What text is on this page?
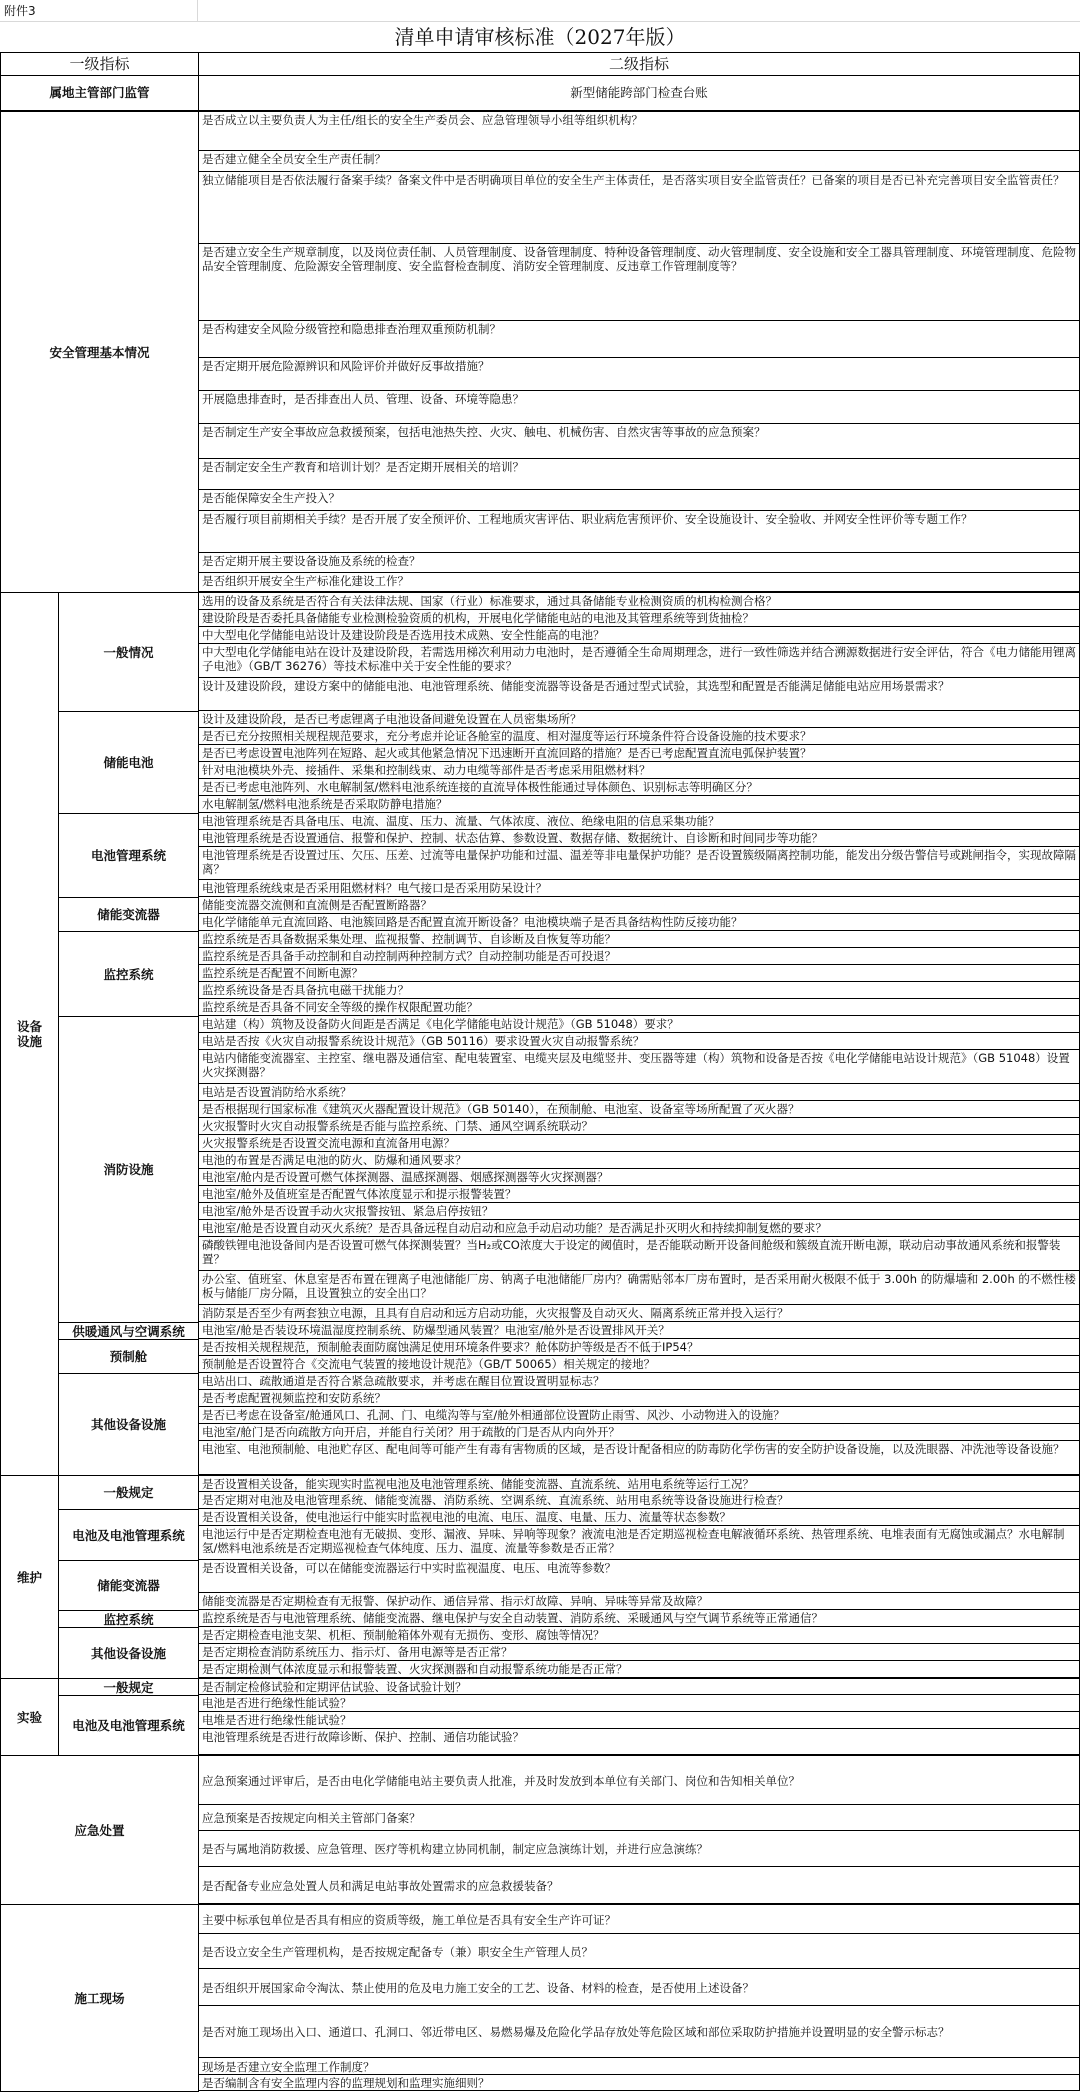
附件3
清单申请审核标准（2027年版）
一级指标	二级指标
属地主管部门监管	新型储能跨部门检查台账
是否成立以主要负责人为主任/组长的安全生产委员会、应急管理领导小组等组织机构？
是否建立健全全员安全生产责任制？
独立储能项目是否依法履行备案手续？备案文件中是否明确项目单位的安全生产主体责任，是否落实项目安全监管责任？已备案的项目是否已补充完善项目安全监管责任？
是否建立安全生产规章制度，以及岗位责任制、人员管理制度、设备管理制度、特种设备管理制度、动火管理制度、安全设施和安全工器具管理制度、环境管理制度、危险物品安全管理制度、危险源安全管理制度、安全监督检查制度、消防安全管理制度、反违章工作管理制度等？
是否构建安全风险分级管控和隐患排查治理双重预防机制？
是否定期开展危险源辨识和风险评价并做好反事故措施？
开展隐患排查时，是否排查出人员、管理、设备、环境等隐患？
是否制定生产安全事故应急救援预案，包括电池热失控、火灾、触电、机械伤害、自然灾害等事故的应急预案？
是否制定安全生产教育和培训计划？是否定期开展相关的培训？
是否能保障安全生产投入？
是否履行项目前期相关手续？是否开展了安全预评价、工程地质灾害评估、职业病危害预评价、安全设施设计、安全验收、并网安全性评价等专题工作？
是否定期开展主要设备设施及系统的检查？
是否组织开展安全生产标准化建设工作？
安全管理基本情况
选用的设备及系统是否符合有关法律法规、国家（行业）标准要求，通过具备储能专业检测资质的机构检测合格？
建设阶段是否委托具备储能专业检测检验资质的机构，开展电化学储能电站的电池及其管理系统等到货抽检？
中大型电化学储能电站设计及建设阶段是否选用技术成熟、安全性能高的电池？
中大型电化学储能电站在设计及建设阶段，若需选用梯次利用动力电池时，是否遵循全生命周期理念，进行一致性筛选并结合溯源数据进行安全评估，符合《电力储能用锂离子电池》（GB/T 36276）等技术标准中关于安全性能的要求？
设计及建设阶段，建设方案中的储能电池、电池管理系统、储能变流器等设备是否通过型式试验，其选型和配置是否能满足储能电站应用场景需求？
一般情况
设计及建设阶段，是否已考虑锂离子电池设备间避免设置在人员密集场所？
是否已充分按照相关规程规范要求，充分考虑并论证各舱室的温度、相对湿度等运行环境条件符合设备设施的技术要求？
是否已考虑设置电池阵列在短路、起火或其他紧急情况下迅速断开直流回路的措施？是否已考虑配置直流电弧保护装置？
针对电池模块外壳、接插件、采集和控制线束、动力电缆等部件是否考虑采用阻燃材料？
是否已考虑电池阵列、水电解制氢/燃料电池系统连接的直流导体极性能通过导体颜色、识别标志等明确区分？
水电解制氢/燃料电池系统是否采取防静电措施？
储能电池
电池管理系统是否具备电压、电流、温度、压力、流量、气体浓度、液位、绝缘电阻的信息采集功能？
电池管理系统是否设置通信、报警和保护、控制、状态估算、参数设置、数据存储、数据统计、自诊断和时间同步等功能？
电池管理系统是否设置过压、欠压、压差、过流等电量保护功能和过温、温差等非电量保护功能？是否设置簇级隔离控制功能，能发出分级告警信号或跳闸指令，实现故障隔离？
电池管理系统线束是否采用阻燃材料？电气接口是否采用防呆设计？
电池管理系统
储能变流器交流侧和直流侧是否配置断路器？
电化学储能单元直流回路、电池簇回路是否配置直流开断设备？电池模块端子是否具备结构性防反接功能？
储能变流器
监控系统是否具备数据采集处理、监视报警、控制调节、自诊断及自恢复等功能？
监控系统是否具备手动控制和自动控制两种控制方式？自动控制功能是否可投退？
监控系统是否配置不间断电源？
监控系统设备是否具备抗电磁干扰能力？
监控系统是否具备不同安全等级的操作权限配置功能？
监控系统
电站建（构）筑物及设备防火间距是否满足《电化学储能电站设计规范》（GB 51048）要求？
电站是否按《火灾自动报警系统设计规范》（GB 50116）要求设置火灾自动报警系统？
电站内储能变流器室、主控室、继电器及通信室、配电装置室、电缆夹层及电缆竖井、变压器等建（构）筑物和设备是否按《电化学储能电站设计规范》（GB 51048）设置火灾探测器？
电站是否设置消防给水系统？
是否根据现行国家标准《建筑灭火器配置设计规范》（GB 50140），在预制舱、电池室、设备室等场所配置了灭火器？
火灾报警时火灾自动报警系统是否能与监控系统、门禁、通风空调系统联动？
火灾报警系统是否设置交流电源和直流备用电源？
电池的布置是否满足电池的防火、防爆和通风要求？
电池室/舱内是否设置可燃气体探测器、温感探测器、烟感探测器等火灾探测器？
电池室/舱外及值班室是否配置气体浓度显示和提示报警装置？
电池室/舱外是否设置手动火灾报警按钮、紧急启停按钮？
电池室/舱是否设置自动灭火系统？是否具备远程自动启动和应急手动启动功能？是否满足扑灭明火和持续抑制复燃的要求？
磷酸铁锂电池设备间内是否设置可燃气体探测装置？当H₂或CO浓度大于设定的阈值时，是否能联动断开设备间舱级和簇级直流开断电源，联动启动事故通风系统和报警装置？
办公室、值班室、休息室是否布置在锂离子电池储能厂房、钠离子电池储能厂房内？确需贴邻本厂房布置时，是否采用耐火极限不低于 3.00h 的防爆墙和 2.00h 的不燃性楼板与储能厂房分隔，且设置独立的安全出口？
消防泵是否至少有两套独立电源，且具有自启动和远方启动功能，火灾报警及自动灭火、隔离系统正常并投入运行？
消防设施
电池室/舱是否装设环境温湿度控制系统、防爆型通风装置？电池室/舱外是否设置排风开关？
供暖通风与空调系统
是否按相关规程规范，预制舱表面防腐蚀满足使用环境条件要求？舱体防护等级是否不低于IP54？
预制舱是否设置符合《交流电气装置的接地设计规范》（GB/T 50065）相关规定的接地？
预制舱
电站出口、疏散通道是否符合紧急疏散要求，并考虑在醒目位置设置明显标志？
是否考虑配置视频监控和安防系统？
是否已考虑在设备室/舱通风口、孔洞、门、电缆沟等与室/舱外相通部位设置防止雨雪、风沙、小动物进入的设施？
电池室/舱门是否向疏散方向开启，并能自行关闭？用于疏散的门是否从内向外开？
电池室、电池预制舱、电池贮存区、配电间等可能产生有毒有害物质的区域，是否设计配备相应的防毒防化学伤害的安全防护设备设施，以及洗眼器、冲洗池等设备设施？
其他设备设施
设备设施
是否设置相关设备，能实现实时监视电池及电池管理系统、储能变流器、直流系统、站用电系统等运行工况？
是否定期对电池及电池管理系统、储能变流器、消防系统、空调系统、直流系统、站用电系统等设备设施进行检查？
一般规定
是否设置相关设备，使电池运行中能实时监视电池的电流、电压、温度、电量、压力、流量等状态参数？
电池运行中是否定期检查电池有无破损、变形、漏液、异味、异响等现象？液流电池是否定期巡视检查电解液循环系统、热管理系统、电堆表面有无腐蚀或漏点？水电解制氢/燃料电池系统是否定期巡视检查气体纯度、压力、温度、流量等参数是否正常？
电池及电池管理系统
是否设置相关设备，可以在储能变流器运行中实时监视温度、电压、电流等参数？
储能变流器是否定期检查有无报警、保护动作、通信异常、指示灯故障、异响、异味等异常及故障？
储能变流器
监控系统是否与电池管理系统、储能变流器、继电保护与安全自动装置、消防系统、采暖通风与空气调节系统等正常通信？
监控系统
是否定期检查电池支架、机柜、预制舱箱体外观有无损伤、变形、腐蚀等情况？
是否定期检查消防系统压力、指示灯、备用电源等是否正常？
是否定期检测气体浓度显示和报警装置、火灾探测器和自动报警系统功能是否正常？
其他设备设施
维护
是否制定检修试验和定期评估试验、设备试验计划？
一般规定
电池是否进行绝缘性能试验？
电堆是否进行绝缘性能试验？
电池管理系统是否进行故障诊断、保护、控制、通信功能试验？
电池及电池管理系统
实验
应急预案通过评审后，是否由电化学储能电站主要负责人批准，并及时发放到本单位有关部门、岗位和告知相关单位？
应急预案是否按规定向相关主管部门备案？
是否与属地消防救援、应急管理、医疗等机构建立协同机制，制定应急演练计划，并进行应急演练？
是否配备专业应急处置人员和满足电站事故处置需求的应急救援装备？
应急处置
主要中标承包单位是否具有相应的资质等级，施工单位是否具有安全生产许可证？
是否设立安全生产管理机构，是否按规定配备专（兼）职安全生产管理人员？
是否组织开展国家命令淘汰、禁止使用的危及电力施工安全的工艺、设备、材料的检查，是否使用上述设备？
是否对施工现场出入口、通道口、孔洞口、邻近带电区、易燃易爆及危险化学品存放处等危险区域和部位采取防护措施并设置明显的安全警示标志？
现场是否建立安全监理工作制度？
是否编制含有安全监理内容的监理规划和监理实施细则？
施工现场
